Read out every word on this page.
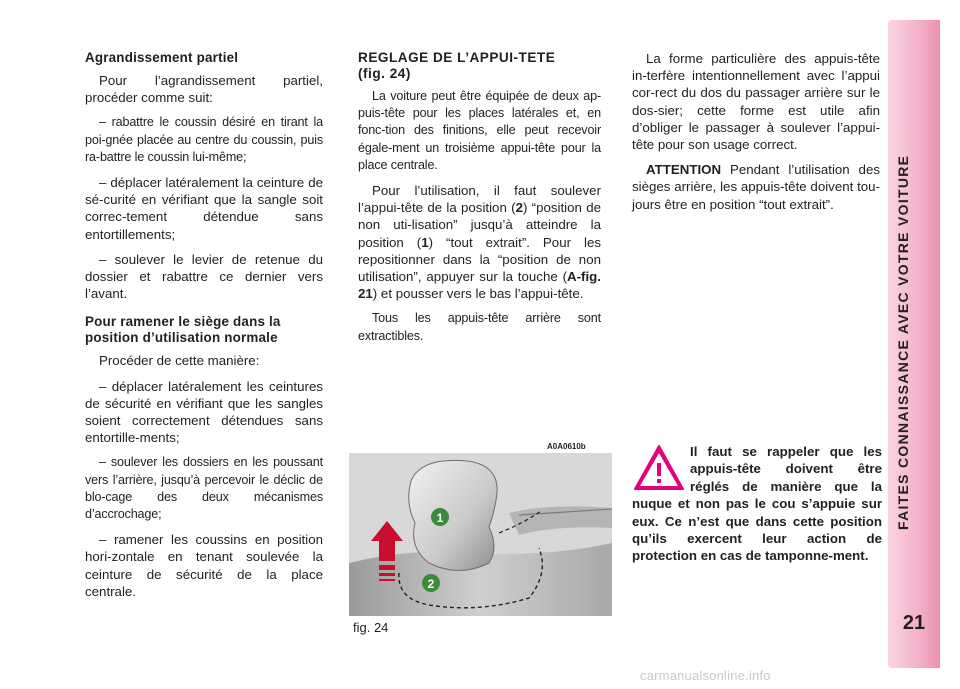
FAITES CONNAISSANCE AVEC VOTRE VOITURE
21
Agrandissement partiel

Pour l’agrandissement partiel, procéder comme suit:

– rabattre le coussin désiré en tirant la poi-gnée placée au centre du coussin, puis ra-battre le coussin lui-même;

– déplacer latéralement la ceinture de sé-curité en vérifiant que la sangle soit correc-tement détendue sans entortillements;

– soulever le levier de retenue du dossier et rabattre ce dernier vers l’avant.

Pour ramener le siège dans la position d’utilisation normale

Procéder de cette manière:

– déplacer latéralement les ceintures de sécurité en vérifiant que les sangles soient correctement détendues sans entortille-ments;

– soulever les dossiers en les poussant vers l’arrière, jusqu’à percevoir le déclic de blo-cage des deux mécanismes d’accrochage;

– ramener les coussins en position hori-zontale en tenant soulevée la ceinture de sécurité de la place centrale.

REGLAGE DE L’APPUI-TETE
(fig. 24)

La voiture peut être équipée de deux ap-puis-tête pour les places latérales et, en fonc-tion des finitions, elle peut recevoir égale-ment un troisième appui-tête pour la place centrale.

Pour l’utilisation, il faut soulever l’appui-tête de la position (2) “position de non uti-lisation” jusqu’à atteindre la position (1) “tout extrait”. Pour les repositionner dans la “position de non utilisation”, appuyer sur la touche (A-fig. 21) et pousser vers le bas l’appui-tête.

Tous les appuis-tête arrière sont extractibles.

La forme particulière des appuis-tête in-terfère intentionnellement avec l’appui cor-rect du dos du passager arrière sur le dos-sier; cette forme est utile afin d’obliger le passager à soulever l’appui-tête pour son usage correct.

ATTENTION Pendant l’utilisation des sièges arrière, les appuis-tête doivent tou-jours être en position “tout extrait”.

A0A0610b
1
2
fig. 24
Il faut se rappeler que les appuis-tête doivent être réglés de manière que la nuque et non pas le cou s’appuie sur eux. Ce n’est que dans cette position qu’ils exercent leur action de protection en cas de tamponne-ment.
carmanualsonline.info
